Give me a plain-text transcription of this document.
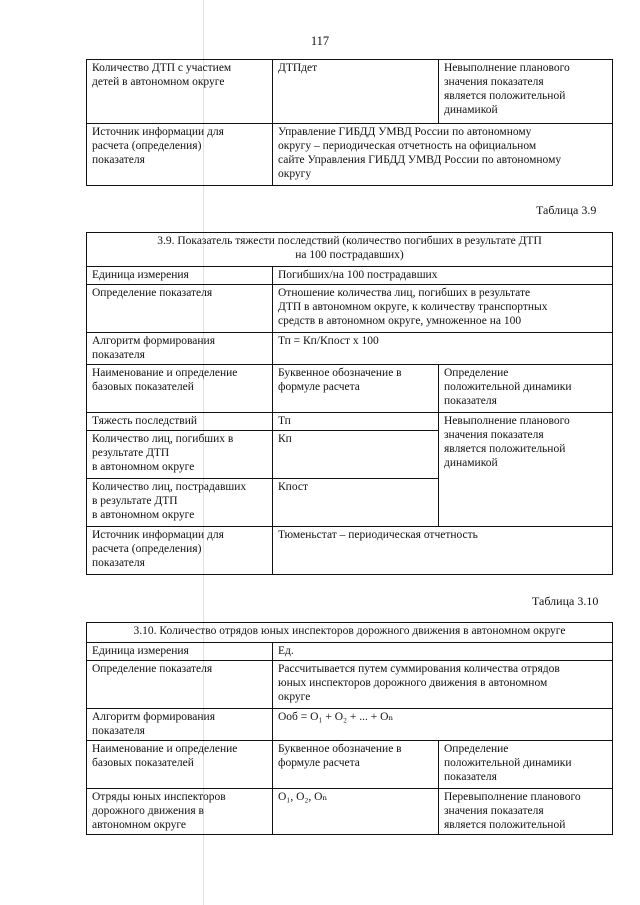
117
Количество ДТП с участием
детей в автономном округе	ДТПдет	Невыполнение планового
значения показателя
является положительной
динамикой

Источник информации для
расчета (определения)
показателя	Управление ГИБДД УМВД России по автономному
округу – периодическая отчетность на официальном
сайте Управления ГИБДД УМВД России по автономному
округу	
Таблица 3.9
3.9. Показатель тяжести последствий (количество погибших в результате ДТП
на 100 пострадавших)		

Единица измерения	Погибших/на 100 пострадавших	
Определение показателя	Отношение количества лиц, погибших в результате
ДТП в автономном округе, к количеству транспортных
средств в автономном округе, умноженное на 100	

Алгоритм формирования
показателя	Тп = Кп/Кпост х 100	

Наименование и определение
базовых показателей	Буквенное обозначение в
формуле расчета	Определение
положительной динамики
показателя

Тяжесть последствий	Тп	Невыполнение планового
значения показателя
является положительной
динамикой

Количество лиц, погибших в
результате ДТП
в автономном округе	Кп	

Количество лиц, пострадавших
в результате ДТП
в автономном округе	Кпост	

Источник информации для
расчета (определения)
показателя	Тюменьстат – периодическая отчетность	
Таблица 3.10
3.10. Количество отрядов юных инспекторов дорожного движения в автономном округе		
Единица измерения	Ед.	
Определение показателя	Рассчитывается путем суммирования количества отрядов
юных инспекторов дорожного движения в автономном
округе	

Алгоритм формирования
показателя	Ооб = О₁ + О₂ + ... + Оₙ	

Наименование и определение
базовых показателей	Буквенное обозначение в
формуле расчета	Определение
положительной динамики
показателя

Отряды юных инспекторов
дорожного движения в
автономном округе	О₁, О₂, Оₙ	Перевыполнение планового
значения показателя
является положительной
